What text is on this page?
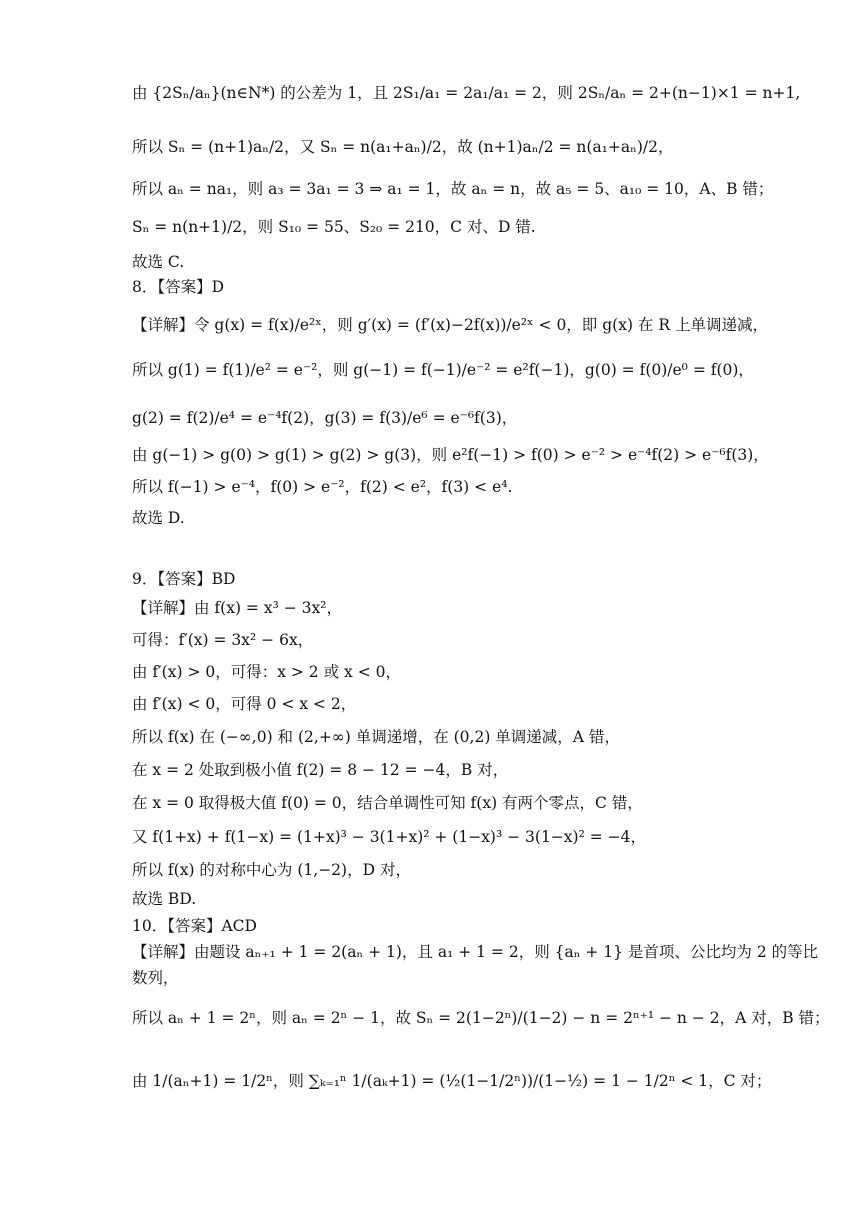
由 {2Sₙ/aₙ}(n∈N*) 的公差为 1，且 2S₁/a₁ = 2a₁/a₁ = 2，则 2Sₙ/aₙ = 2+(n−1)×1 = n+1,
所以 Sₙ = (n+1)aₙ/2，又 Sₙ = n(a₁+aₙ)/2，故 (n+1)aₙ/2 = n(a₁+aₙ)/2，
所以 aₙ = na₁，则 a₃ = 3a₁ = 3 ⇒ a₁ = 1，故 aₙ = n，故 a₅ = 5、a₁₀ = 10，A、B 错；
Sₙ = n(n+1)/2，则 S₁₀ = 55、S₂₀ = 210，C 对、D 错.
故选 C.
8．【答案】D
【详解】令 g(x) = f(x)/e²ˣ，则 g′(x) = (f′(x)−2f(x))/e²ˣ < 0，即 g(x) 在 R 上单调递减，
所以 g(1) = f(1)/e² = e⁻²，则 g(−1) = f(−1)/e⁻² = e²f(−1)，g(0) = f(0)/e⁰ = f(0)，
g(2) = f(2)/e⁴ = e⁻⁴f(2)，g(3) = f(3)/e⁶ = e⁻⁶f(3)，
由 g(−1) > g(0) > g(1) > g(2) > g(3)，则 e²f(−1) > f(0) > e⁻² > e⁻⁴f(2) > e⁻⁶f(3)，
所以 f(−1) > e⁻⁴，f(0) > e⁻²，f(2) < e²，f(3) < e⁴.
故选 D.
9．【答案】BD
【详解】由 f(x) = x³ − 3x²，
可得：f′(x) = 3x² − 6x，
由 f′(x) > 0，可得：x > 2 或 x < 0，
由 f′(x) < 0，可得 0 < x < 2，
所以 f(x) 在 (−∞,0) 和 (2,+∞) 单调递增，在 (0,2) 单调递减，A 错，
在 x = 2 处取到极小值 f(2) = 8 − 12 = −4，B 对，
在 x = 0 取得极大值 f(0) = 0，结合单调性可知 f(x) 有两个零点，C 错，
又 f(1+x) + f(1−x) = (1+x)³ − 3(1+x)² + (1−x)³ − 3(1−x)² = −4，
所以 f(x) 的对称中心为 (1,−2)，D 对，
故选 BD.
10．【答案】ACD
【详解】由题设 aₙ₊₁ + 1 = 2(aₙ + 1)，且 a₁ + 1 = 2，则 {aₙ + 1} 是首项、公比均为 2 的等比
数列，
所以 aₙ + 1 = 2ⁿ，则 aₙ = 2ⁿ − 1，故 Sₙ = 2(1−2ⁿ)/(1−2) − n = 2ⁿ⁺¹ − n − 2，A 对，B 错；
由 1/(aₙ+1) = 1/2ⁿ，则 ∑ₖ₌₁ⁿ 1/(aₖ+1) = (½(1−1/2ⁿ))/(1−½) = 1 − 1/2ⁿ < 1，C 对；
